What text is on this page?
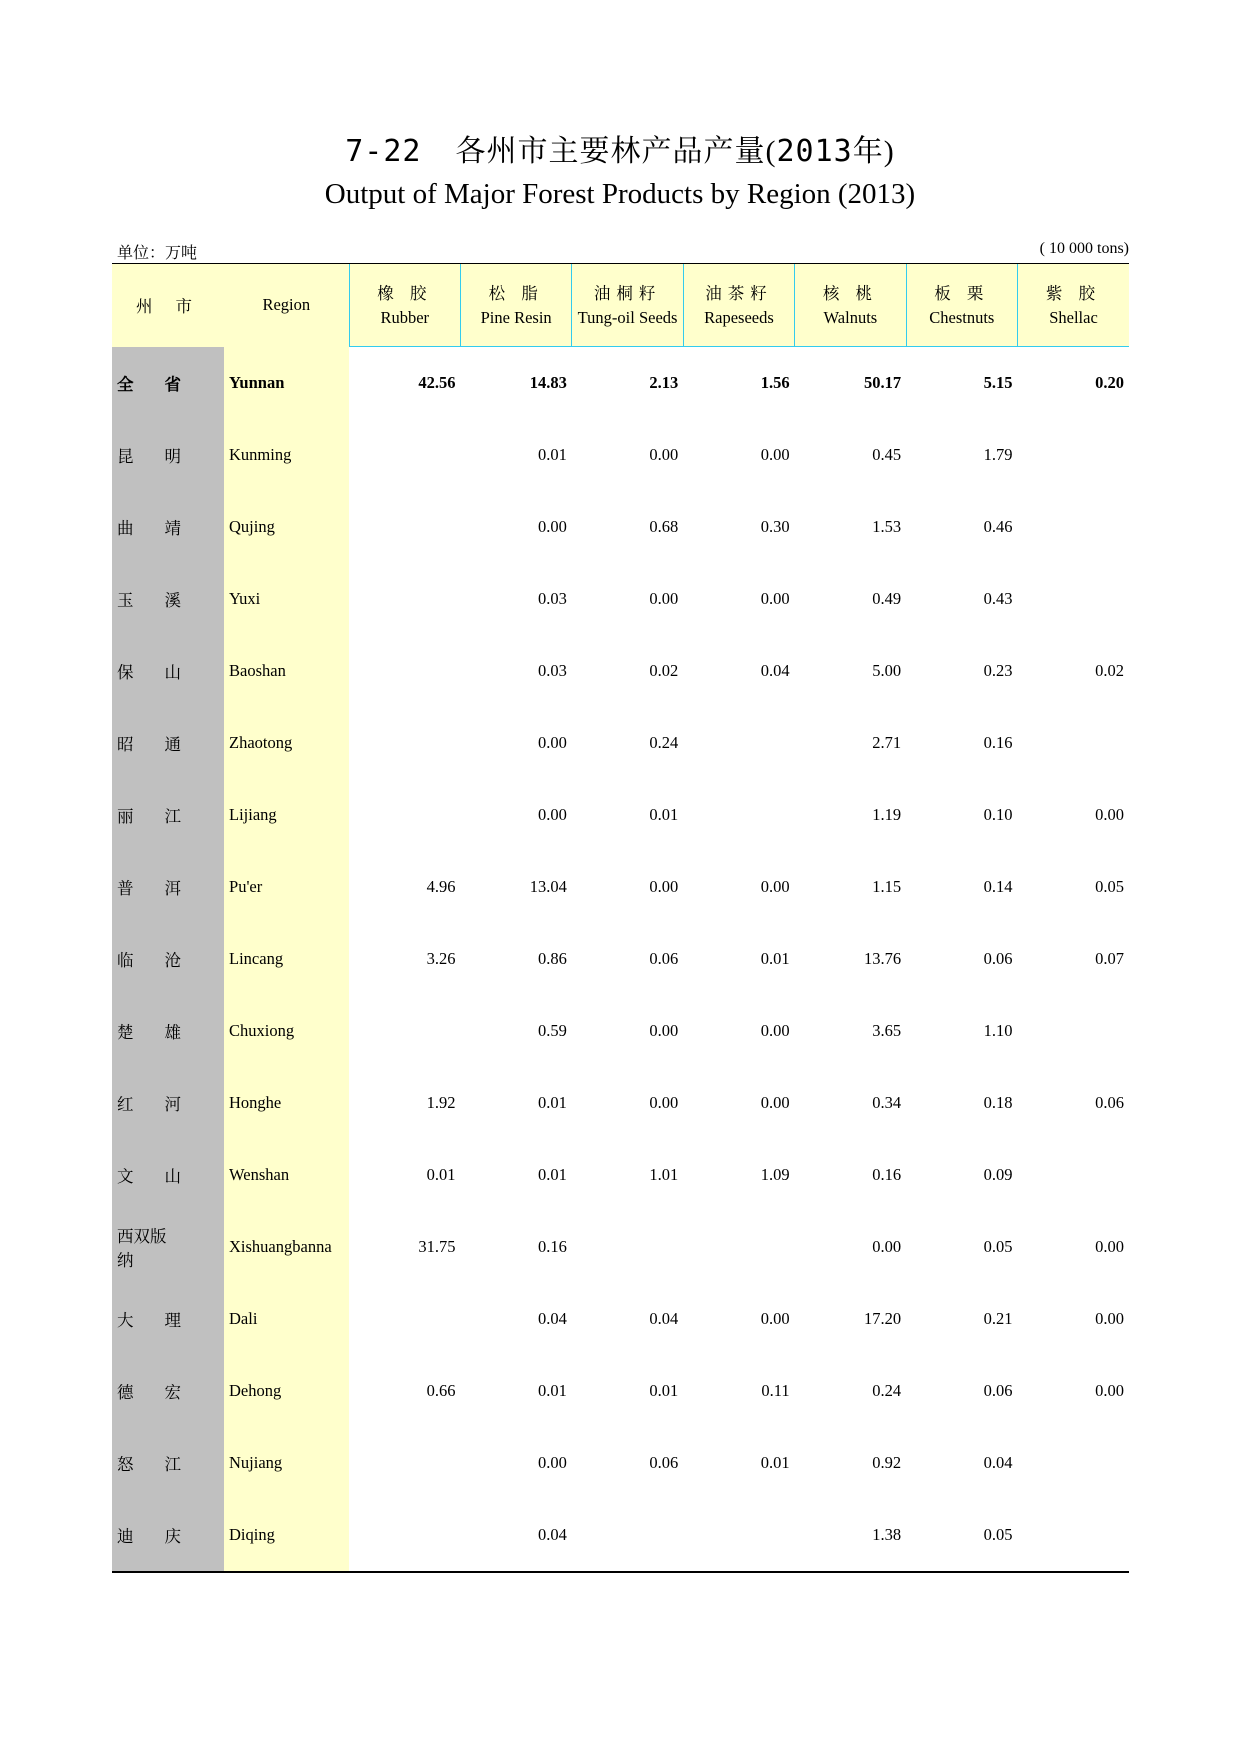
7-22 各州市主要林产品产量(2013年)
Output of Major Forest Products by Region (2013)
单位：万吨	( 10 000 tons)
州 市	Region	橡 胶	松 脂	油桐籽	油茶籽	核 桃	板 栗	紫 胶
		Rubber	Pine Resin	Tung-oil Seeds	Rapeseeds	Walnuts	Chestnuts	Shellac

全 省	Yunnan	42.56	14.83	2.13	1.56	50.17	5.15	0.20

昆 明	Kunming		0.01	0.00	0.00	0.45	1.79	

曲 靖	Qujing		0.00	0.68	0.30	1.53	0.46	

玉 溪	Yuxi		0.03	0.00	0.00	0.49	0.43	

保 山	Baoshan		0.03	0.02	0.04	5.00	0.23	0.02

昭 通	Zhaotong		0.00	0.24		2.71	0.16	

丽 江	Lijiang		0.00	0.01		1.19	0.10	0.00

普 洱	Pu'er	4.96	13.04	0.00	0.00	1.15	0.14	0.05

临 沧	Lincang	3.26	0.86	0.06	0.01	13.76	0.06	0.07

楚 雄	Chuxiong		0.59	0.00	0.00	3.65	1.10	

红 河	Honghe	1.92	0.01	0.00	0.00	0.34	0.18	0.06

文 山	Wenshan	0.01	0.01	1.01	1.09	0.16	0.09	

西双版纳	Xishuangbanna	31.75	0.16			0.00	0.05	0.00

大 理	Dali		0.04	0.04	0.00	17.20	0.21	0.00

德 宏	Dehong	0.66	0.01	0.01	0.11	0.24	0.06	0.00

怒 江	Nujiang		0.00	0.06	0.01	0.92	0.04	

迪 庆	Diqing		0.04			1.38	0.05	
